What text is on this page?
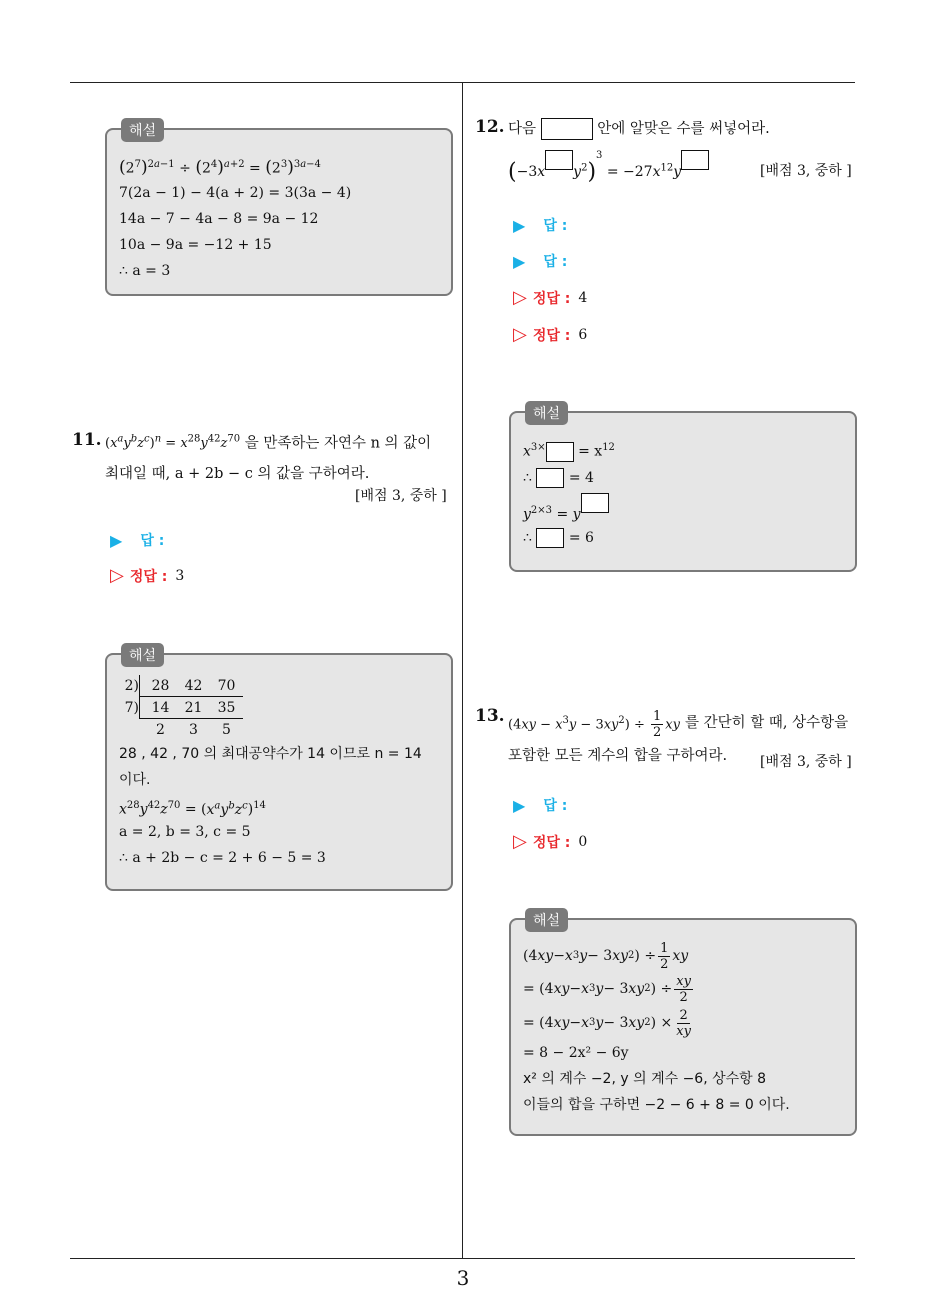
3
해설
$(2^7)^{2a-1} \div (2^4)^{a+2} = (2^3)^{3a-4}$
7(2a − 1) − 4(a + 2) = 3(3a − 4)
14a − 7 − 4a − 8 = 9a − 12
10a − 9a = −12 + 15
∴ a = 3
11. $(x^ay^bz^c)^n = x^{28}y^{42}z^{70}$ 을 만족하는 자연수 n 의 값이
최대일 때, a + 2b − c 의 값을 구하여라.
[배점 3, 중하 ]
▶ 답 :
▷ 정답 : 3
해설
2) 28	42	70
7) 14	21	35
2	3	5
28 , 42 , 70 의 최대공약수가 14 이므로 n = 14
이다.
$x^{28}y^{42}z^{70} = (x^ay^bz^c)^{14}$
a = 2, b = 3, c = 5
∴ a + 2b − c = 2 + 6 − 5 = 3
12. 다음	안에 알맞은 수를 써넣어라.
(−3x $y^2)^3 = -27x^{12}y$	[배점 3, 중하 ]
▶ 답 :
▶ 답 :
▷ 정답 : 4
▷ 정답 : 6
해설
$x^{3\times} = x^{12}$
∴  = 4
$y^{2\times 3} = y$
∴  = 6
13. $(4xy - x^3y - 3xy^2) \div \frac{1}{2}$ xy 를 간단히 할 때, 상수항을
포함한 모든 계수의 합을 구하여라.	[배점 3, 중하 ]
▶ 답 :
▷ 정답 : 0
해설
(4 xy − x 3 y − 3 xy 2 ) ÷ $\frac{1}{2}$ xy
= (4 xy − x 3 y − 3 xy 2 ) ÷ $\frac{xy}{2}$
= (4 xy − x 3 y − 3 xy 2 ) × $\frac{2}{xy}$
= 8 − 2x² − 6y
x² 의 계수 −2, y 의 계수 −6, 상수항 8
이들의 합을 구하면 −2 − 6 + 8 = 0 이다.
